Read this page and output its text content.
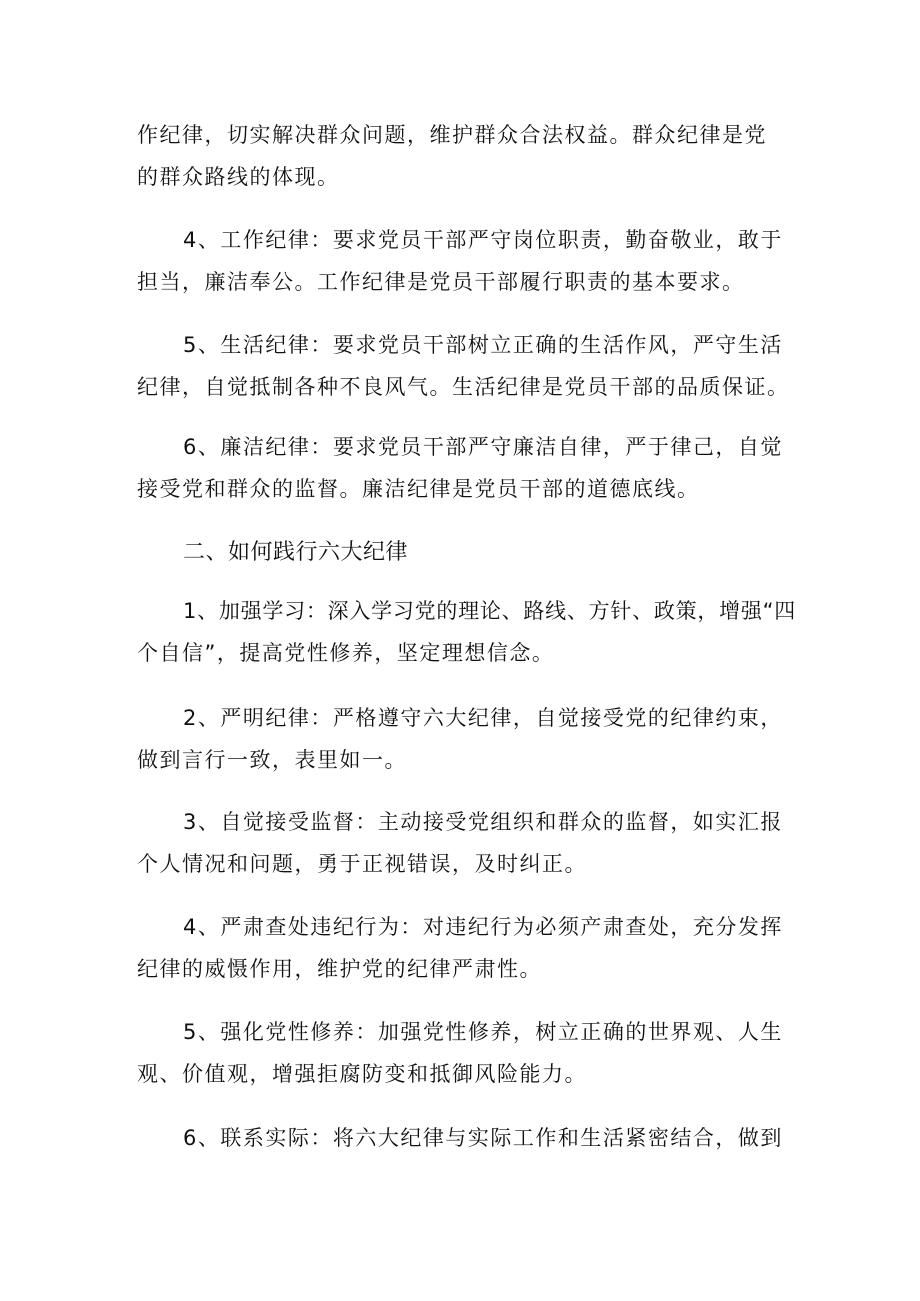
作纪律，切实解决群众问题，维护群众合法权益。群众纪律是党
的群众路线的体现。

4、工作纪律：要求党员干部严守岗位职责，勤奋敬业，敢于
担当，廉洁奉公。工作纪律是党员干部履行职责的基本要求。

5、生活纪律：要求党员干部树立正确的生活作风，严守生活
纪律，自觉抵制各种不良风气。生活纪律是党员干部的品质保证。

6、廉洁纪律：要求党员干部严守廉洁自律，严于律己，自觉
接受党和群众的监督。廉洁纪律是党员干部的道德底线。

二、如何践行六大纪律

1、加强学习：深入学习党的理论、路线、方针、政策，增强“四
个自信”，提高党性修养，坚定理想信念。

2、严明纪律：严格遵守六大纪律，自觉接受党的纪律约束，
做到言行一致，表里如一。

3、自觉接受监督：主动接受党组织和群众的监督，如实汇报
个人情况和问题，勇于正视错误，及时纠正。

4、严肃查处违纪行为：对违纪行为必须产肃查处，充分发挥
纪律的威慑作用，维护党的纪律严肃性。

5、强化党性修养：加强党性修养，树立正确的世界观、人生
观、价值观，增强拒腐防变和抵御风险能力。

6、联系实际：将六大纪律与实际工作和生活紧密结合，做到
